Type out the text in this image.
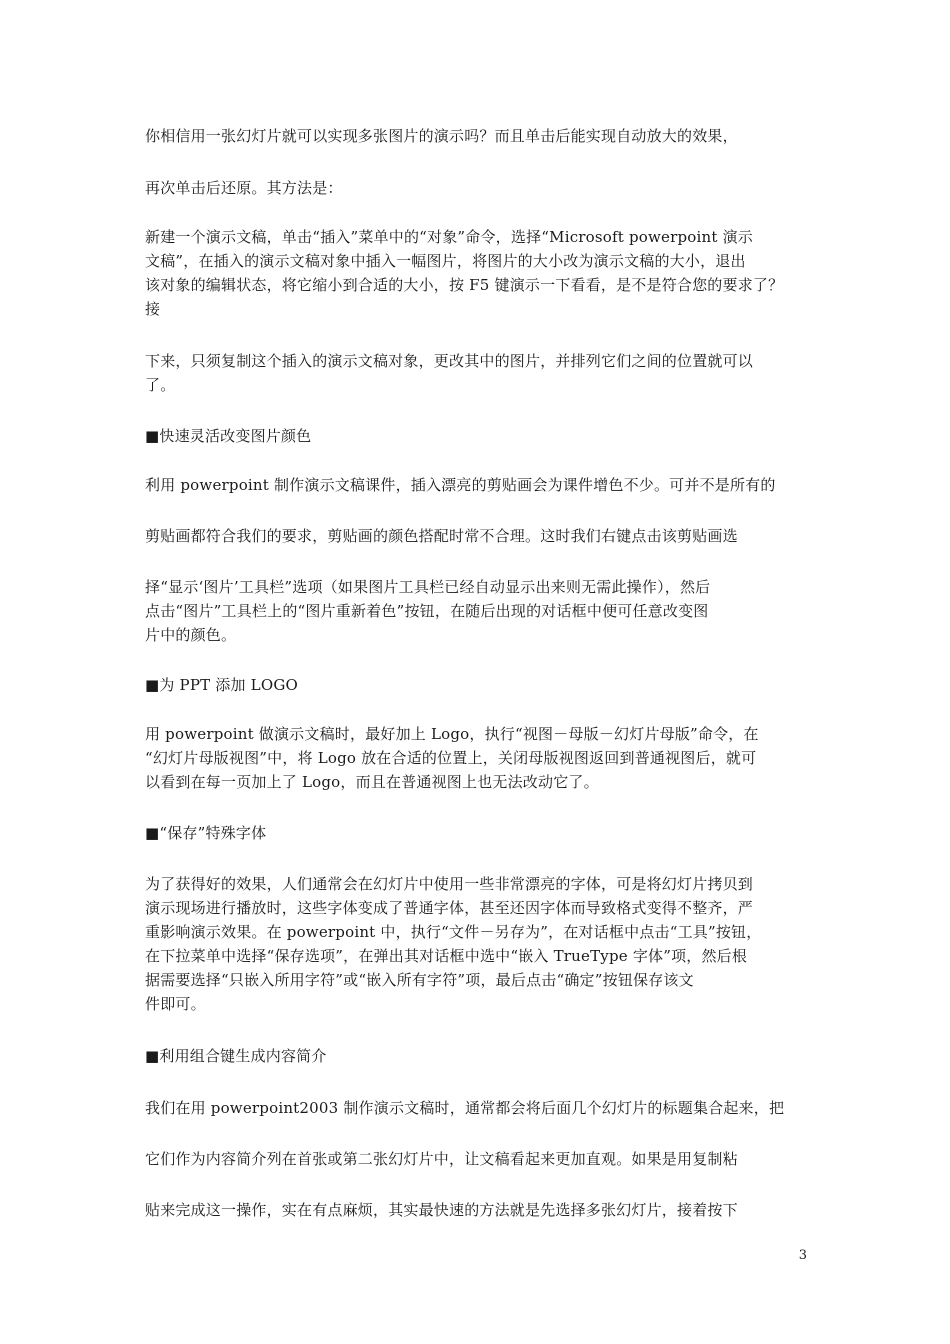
你相信用一张幻灯片就可以实现多张图片的演示吗？而且单击后能实现自动放大的效果，

再次单击后还原。其方法是：

新建一个演示文稿，单击“插入”菜单中的“对象”命令，选择“Microsoft powerpoint 演示

文稿”，在插入的演示文稿对象中插入一幅图片，将图片的大小改为演示文稿的大小，退出

该对象的编辑状态，将它缩小到合适的大小，按 F5 键演示一下看看，是不是符合您的要求了？

接

下来，只须复制这个插入的演示文稿对象，更改其中的图片，并排列它们之间的位置就可以

了。

■快速灵活改变图片颜色

利用 powerpoint 制作演示文稿课件，插入漂亮的剪贴画会为课件增色不少。可并不是所有的

剪贴画都符合我们的要求，剪贴画的颜色搭配时常不合理。这时我们右键点击该剪贴画选

择“显示‘图片’工具栏”选项（如果图片工具栏已经自动显示出来则无需此操作），然后

点击“图片”工具栏上的“图片重新着色”按钮，在随后出现的对话框中便可任意改变图

片中的颜色。

■为 PPT 添加 LOGO

用 powerpoint 做演示文稿时，最好加上 Logo，执行“视图－母版－幻灯片母版”命令，在

“幻灯片母版视图”中，将 Logo 放在合适的位置上，关闭母版视图返回到普通视图后，就可

以看到在每一页加上了 Logo，而且在普通视图上也无法改动它了。

■“保存”特殊字体

为了获得好的效果，人们通常会在幻灯片中使用一些非常漂亮的字体，可是将幻灯片拷贝到

演示现场进行播放时，这些字体变成了普通字体，甚至还因字体而导致格式变得不整齐，严

重影响演示效果。在 powerpoint 中，执行“文件－另存为”，在对话框中点击“工具”按钮，

在下拉菜单中选择“保存选项”，在弹出其对话框中选中“嵌入 TrueType 字体”项，然后根

据需要选择“只嵌入所用字符”或“嵌入所有字符”项，最后点击“确定”按钮保存该文

件即可。

■利用组合键生成内容简介

我们在用 powerpoint2003 制作演示文稿时，通常都会将后面几个幻灯片的标题集合起来，把

它们作为内容简介列在首张或第二张幻灯片中，让文稿看起来更加直观。如果是用复制粘

贴来完成这一操作，实在有点麻烦，其实最快速的方法就是先选择多张幻灯片，接着按下

3
